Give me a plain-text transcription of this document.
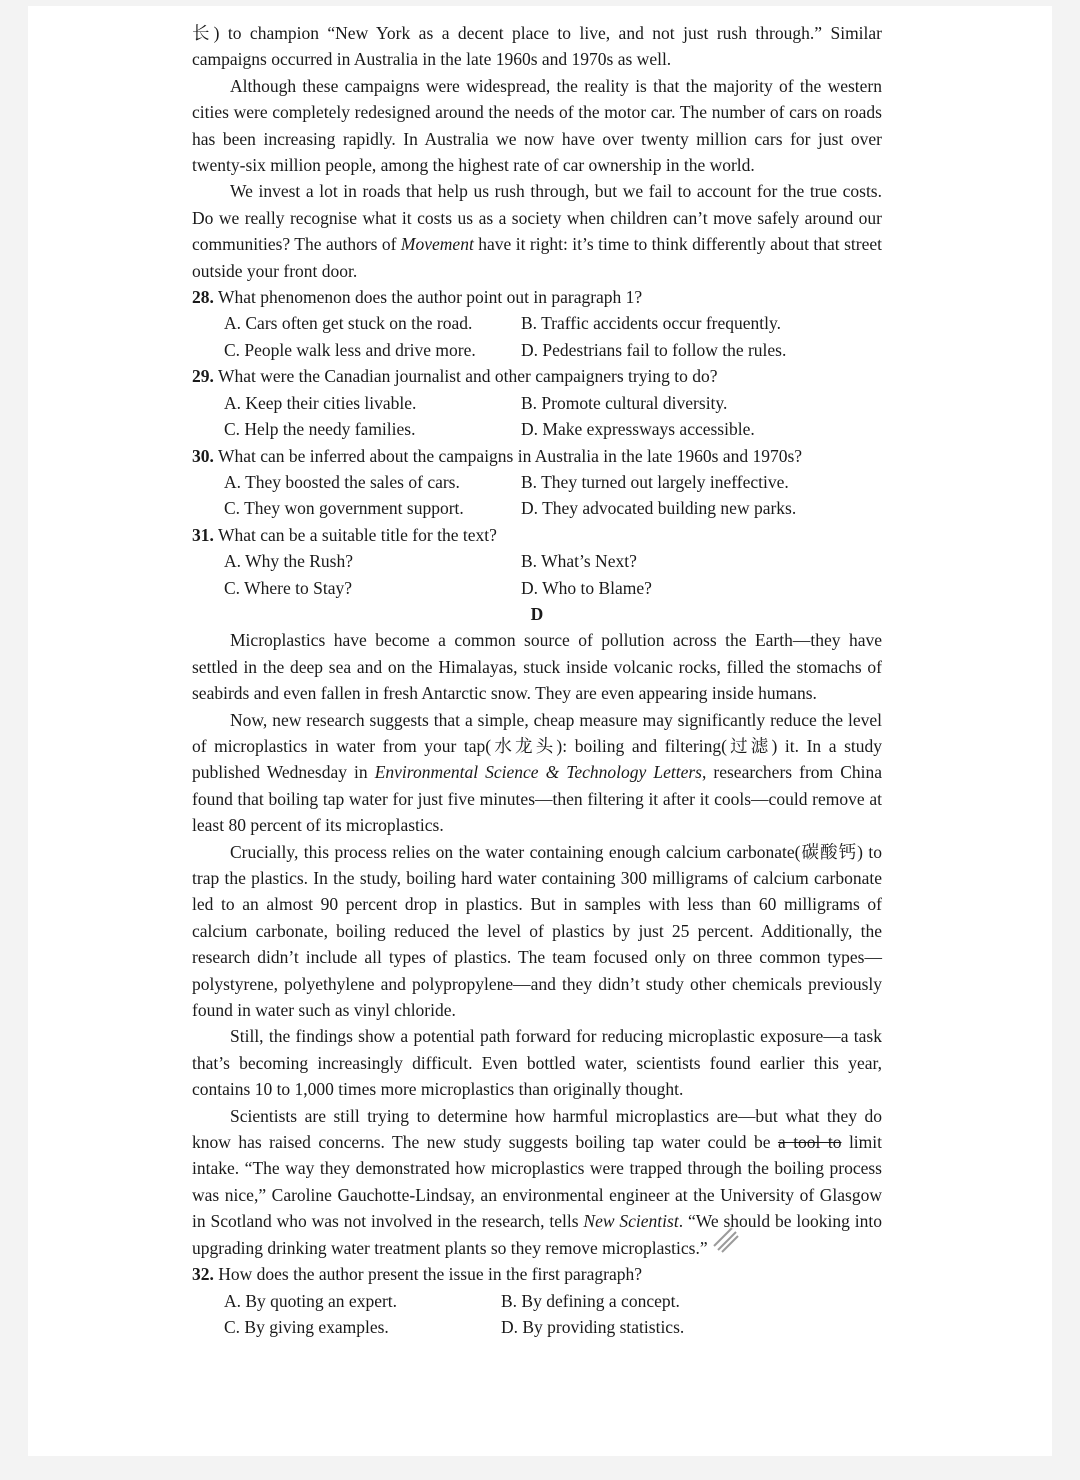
长) to champion “New York as a decent place to live, and not just rush through.” Similar campaigns occurred in Australia in the late 1960s and 1970s as well.

Although these campaigns were widespread, the reality is that the majority of the western cities were completely redesigned around the needs of the motor car. The number of cars on roads has been increasing rapidly. In Australia we now have over twenty million cars for just over twenty-six million people, among the highest rate of car ownership in the world.

We invest a lot in roads that help us rush through, but we fail to account for the true costs. Do we really recognise what it costs us as a society when children can’t move safely around our communities? The authors of Movement have it right: it’s time to think differently about that street outside your front door.

28. What phenomenon does the author point out in paragraph 1?

A. Cars often get stuck on the road.	B. Traffic accidents occur frequently.
C. People walk less and drive more.	D. Pedestrians fail to follow the rules.

29. What were the Canadian journalist and other campaigners trying to do?

A. Keep their cities livable.	B. Promote cultural diversity.
C. Help the needy families.	D. Make expressways accessible.

30. What can be inferred about the campaigns in Australia in the late 1960s and 1970s?

A. They boosted the sales of cars.	B. They turned out largely ineffective.
C. They won government support.	D. They advocated building new parks.

31. What can be a suitable title for the text?

A. Why the Rush?	B. What’s Next?
C. Where to Stay?	D. Who to Blame?

D

Microplastics have become a common source of pollution across the Earth—they have settled in the deep sea and on the Himalayas, stuck inside volcanic rocks, filled the stomachs of seabirds and even fallen in fresh Antarctic snow. They are even appearing inside humans.

Now, new research suggests that a simple, cheap measure may significantly reduce the level of microplastics in water from your tap(水龙头): boiling and filtering(过滤) it. In a study published Wednesday in Environmental Science & Technology Letters, researchers from China found that boiling tap water for just five minutes—then filtering it after it cools—could remove at least 80 percent of its microplastics.

Crucially, this process relies on the water containing enough calcium carbonate(碳酸钙) to trap the plastics. In the study, boiling hard water containing 300 milligrams of calcium carbonate led to an almost 90 percent drop in plastics. But in samples with less than 60 milligrams of calcium carbonate, boiling reduced the level of plastics by just 25 percent. Additionally, the research didn’t include all types of plastics. The team focused only on three common types—polystyrene, polyethylene and polypropylene—and they didn’t study other chemicals previously found in water such as vinyl chloride.

Still, the findings show a potential path forward for reducing microplastic exposure—a task that’s becoming increasingly difficult. Even bottled water, scientists found earlier this year, contains 10 to 1,000 times more microplastics than originally thought.

Scientists are still trying to determine how harmful microplastics are—but what they do know has raised concerns. The new study suggests boiling tap water could be a tool to limit intake. “The way they demonstrated how microplastics were trapped through the boiling process was nice,” Caroline Gauchotte-Lindsay, an environmental engineer at the University of Glasgow in Scotland who was not involved in the research, tells New Scientist. “We should be looking into upgrading drinking water treatment plants so they remove microplastics.”

32. How does the author present the issue in the first paragraph?

A. By quoting an expert.	B. By defining a concept.
C. By giving examples.	D. By providing statistics.
